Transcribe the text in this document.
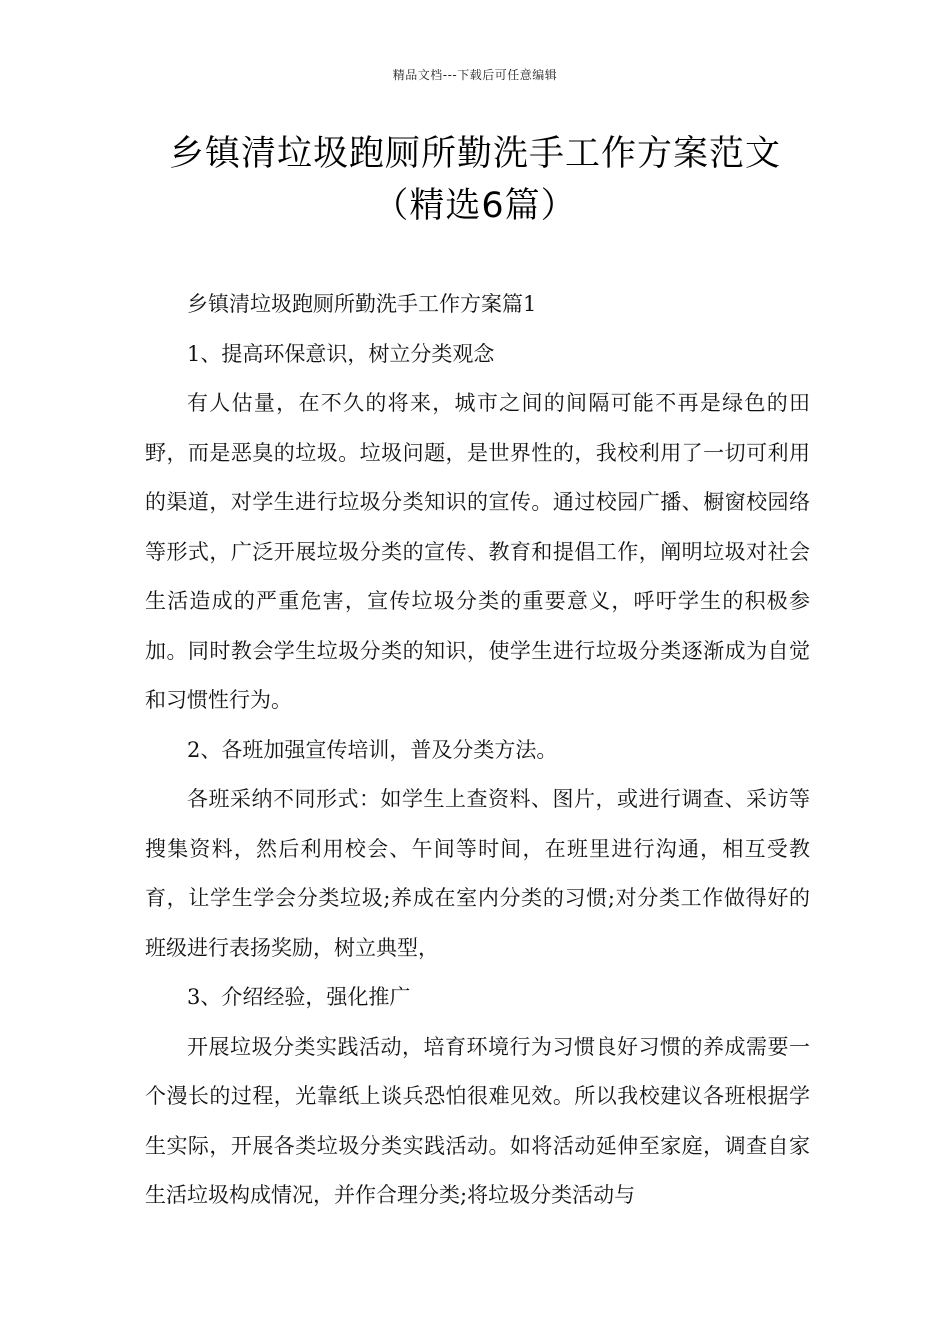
精品文档---下载后可任意编辑
乡镇清垃圾跑厕所勤洗手工作方案范文
（精选6篇）

乡镇清垃圾跑厕所勤洗手工作方案篇1

1、提高环保意识，树立分类观念

有人估量，在不久的将来，城市之间的间隔可能不再是绿色的田野，而是恶臭的垃圾。垃圾问题，是世界性的，我校利用了一切可利用的渠道，对学生进行垃圾分类知识的宣传。通过校园广播、橱窗校园络等形式，广泛开展垃圾分类的宣传、教育和提倡工作，阐明垃圾对社会生活造成的严重危害，宣传垃圾分类的重要意义，呼吁学生的积极参加。同时教会学生垃圾分类的知识，使学生进行垃圾分类逐渐成为自觉和习惯性行为。

2、各班加强宣传培训，普及分类方法。

各班采纳不同形式：如学生上查资料、图片，或进行调查、采访等搜集资料，然后利用校会、午间等时间，在班里进行沟通，相互受教育，让学生学会分类垃圾;养成在室内分类的习惯;对分类工作做得好的班级进行表扬奖励，树立典型，

3、介绍经验，强化推广

开展垃圾分类实践活动，培育环境行为习惯良好习惯的养成需要一个漫长的过程，光靠纸上谈兵恐怕很难见效。所以我校建议各班根据学生实际，开展各类垃圾分类实践活动。如将活动延伸至家庭，调查自家生活垃圾构成情况，并作合理分类;将垃圾分类活动与
